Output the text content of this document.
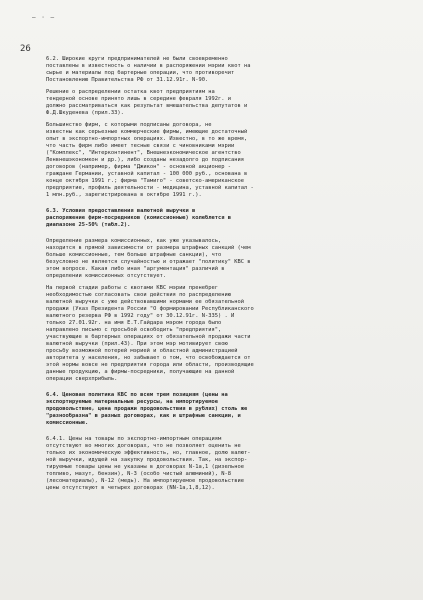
— · —
26
6.2. Широкие круги предпринимателей не были своевременно
поставлены в известность о наличии в распоряжении мэрии квот на
сырье и материалы под бартерные операции, что противоречит
Постановлению Правительства РФ от 31.12.91г. N-90.
Решение о распределении остатка квот предприятиям на
тендерной основе принято лишь в середине февраля 1992г. и
должно рассматриваться как результат вмешательства депутатов и
Ф.Д.Шкуденева (прил.33).
Большинство фирм, с которыми подписаны договора, не
известны как серьезные коммерческие фирмы, имеющие достаточный
опыт в экспортно-импортных операциях. Известно, в то же время,
что часть фирм либо имеет тесные связи с чиновниками мэрии
("Комплекс", "Интерконтинент", Внешнеэкономическое агентство
Ленвнешэкономкон и др.), либо созданы незадолго до подписания
договоров (например, фирма "Джикон" - основной акционер -
граждане Германии, уставной капитал - 100 000 руб., основана в
конце октября 1991 г.; фирма "Тамиго" - советско-американское
предприятие, профиль деятельности - медицина, уставной капитал -
1 млн.руб., зарегистрирована в октябре 1991 г.).
6.3. Условия предоставления валютной выручки в
распоряжение фирм-посредников (комиссионные) колеблется в
диапазоне 25-50% (табл.2).
Определение размера комиссионных, как уже указывалось,
находится в прямой зависимости от размера штрафных санкций (чем
больше комиссионные, тем больше штрафные санкции), что
безусловно не является случайностью и отражает "политику" КВС в
этом вопросе. Какая либо иная "аргументация" различий в
определении комиссионных отсутствует.
На первой стадии работы с квотами КВС мэрии пренебрег
необходимостью согласовать свои действия по распределению
валютной выручки с уже действовавшими нормами ее обязательной
продажи (Указ Президента России "О формировании Республиканского
валютного резерва РФ в 1992 году" от 30.12.91г. N-335) . И
только 27.01.92г. на имя Е.Т.Гайдара мэром города было
направлено письмо с просьбой освободить "предприятия",
участвующие в бартерных операциях от обязательной продажи части
валютной выручки (прил.43). При этом мэр мотивирует свою
просьбу возможной потерей мэрией и областной администрацией
авторитета у населения, но забывает о том, что освобождается от
этой нормы вовсе не предприятия города или области, производящие
данные продукцию, а фирмы-посредники, получающие на данной
операции сверхприбыль.
6.4. Ценовая политика КВС по всем трем позициям (цены на
экспортируемые материальные ресурсы, на импортируемое
продовольствие, цена продажи продовольствия в рублях) столь же
"разнообразна" в разных договорах, как и штрафные санкции, и
комиссионные.
6.4.1. Цены на товары по экспортно-импортным операциям
отсутствуют во многих договорах, что не позволяет оценить не
только их экономическую эффективность, но, главное, долю валют-
ной выручки, идущей на закупку продовольствия. Так, на экспор-
тируемые товары цены не указаны в договорах N-1a,1 (дизельное
топливо, мазут, бензин), N-3 (особо чистый алюминий), N-8
(лесоматериалы), N-12 (медь). На импортируемое продовольствие
цены отсутствуют в четырех договорах (NN-1a,1,8,12).
